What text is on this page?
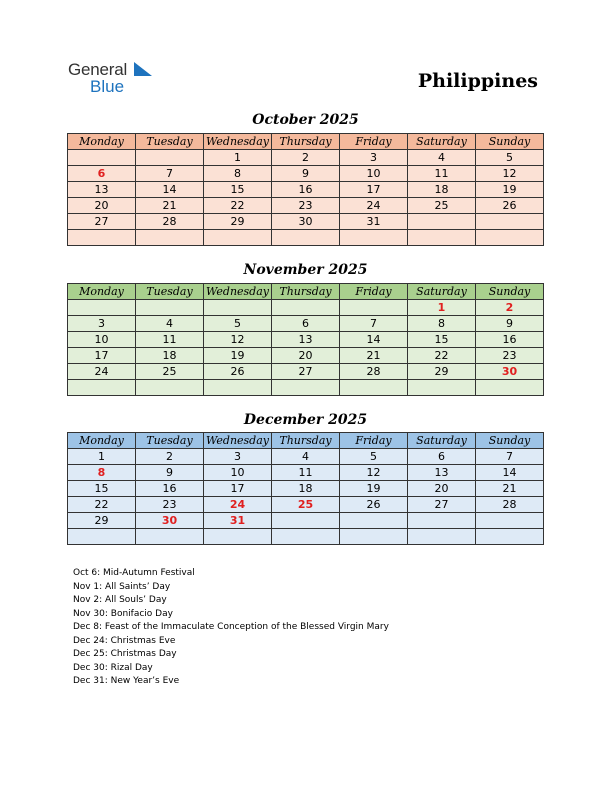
General
Blue	Philippines
October 2025
Monday	Tuesday	Wednesday	Thursday	Friday	Saturday	Sunday
		1	2	3	4	5
6	7	8	9	10	11	12
13	14	15	16	17	18	19
20	21	22	23	24	25	26
27	28	29	30	31		

November 2025
Monday	Tuesday	Wednesday	Thursday	Friday	Saturday	Sunday
					1	2
3	4	5	6	7	8	9
10	11	12	13	14	15	16
17	18	19	20	21	22	23
24	25	26	27	28	29	30

December 2025
Monday	Tuesday	Wednesday	Thursday	Friday	Saturday	Sunday
1	2	3	4	5	6	7
8	9	10	11	12	13	14
15	16	17	18	19	20	21
22	23	24	25	26	27	28
29	30	31				

Oct 6: Mid-Autumn Festival
Nov 1: All Saints’ Day
Nov 2: All Souls’ Day
Nov 30: Bonifacio Day
Dec 8: Feast of the Immaculate Conception of the Blessed Virgin Mary
Dec 24: Christmas Eve
Dec 25: Christmas Day
Dec 30: Rizal Day
Dec 31: New Year’s Eve
